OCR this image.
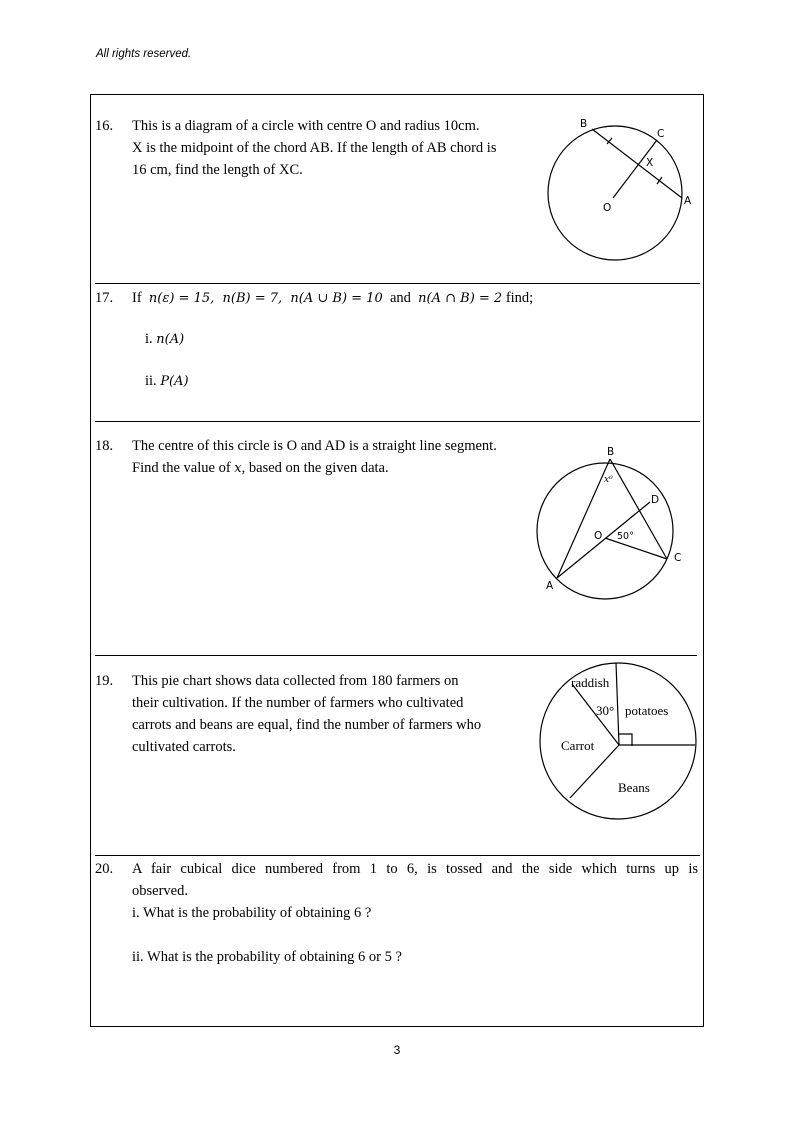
All rights reserved.
16. This is a diagram of a circle with centre O and radius 10cm.
X is the midpoint of the chord AB. If the length of AB chord is
16 cm, find the length of XC.
17. If n(ε) = 15,  n(B) = 7,  n(A ∪ B) = 10 and n(A ∩ B) = 2 find;
i. n(A)
ii. P(A)
18. The centre of this circle is O and AD is a straight line segment.
Find the value of x, based on the given data.
19. This pie chart shows data collected from 180 farmers on
their cultivation. If the number of farmers who cultivated
carrots and beans are equal, find the number of farmers who
cultivated carrots.
20. A fair cubical dice numbered from 1 to 6, is tossed and the side which turns up is
observed.
i. What is the probability of obtaining 6 ?
ii. What is the probability of obtaining 6 or 5 ?
B
C
X
O
A
B
x⁰
D
O 50°
C
A
raddish
30° potatoes
Carrot
Beans
3
